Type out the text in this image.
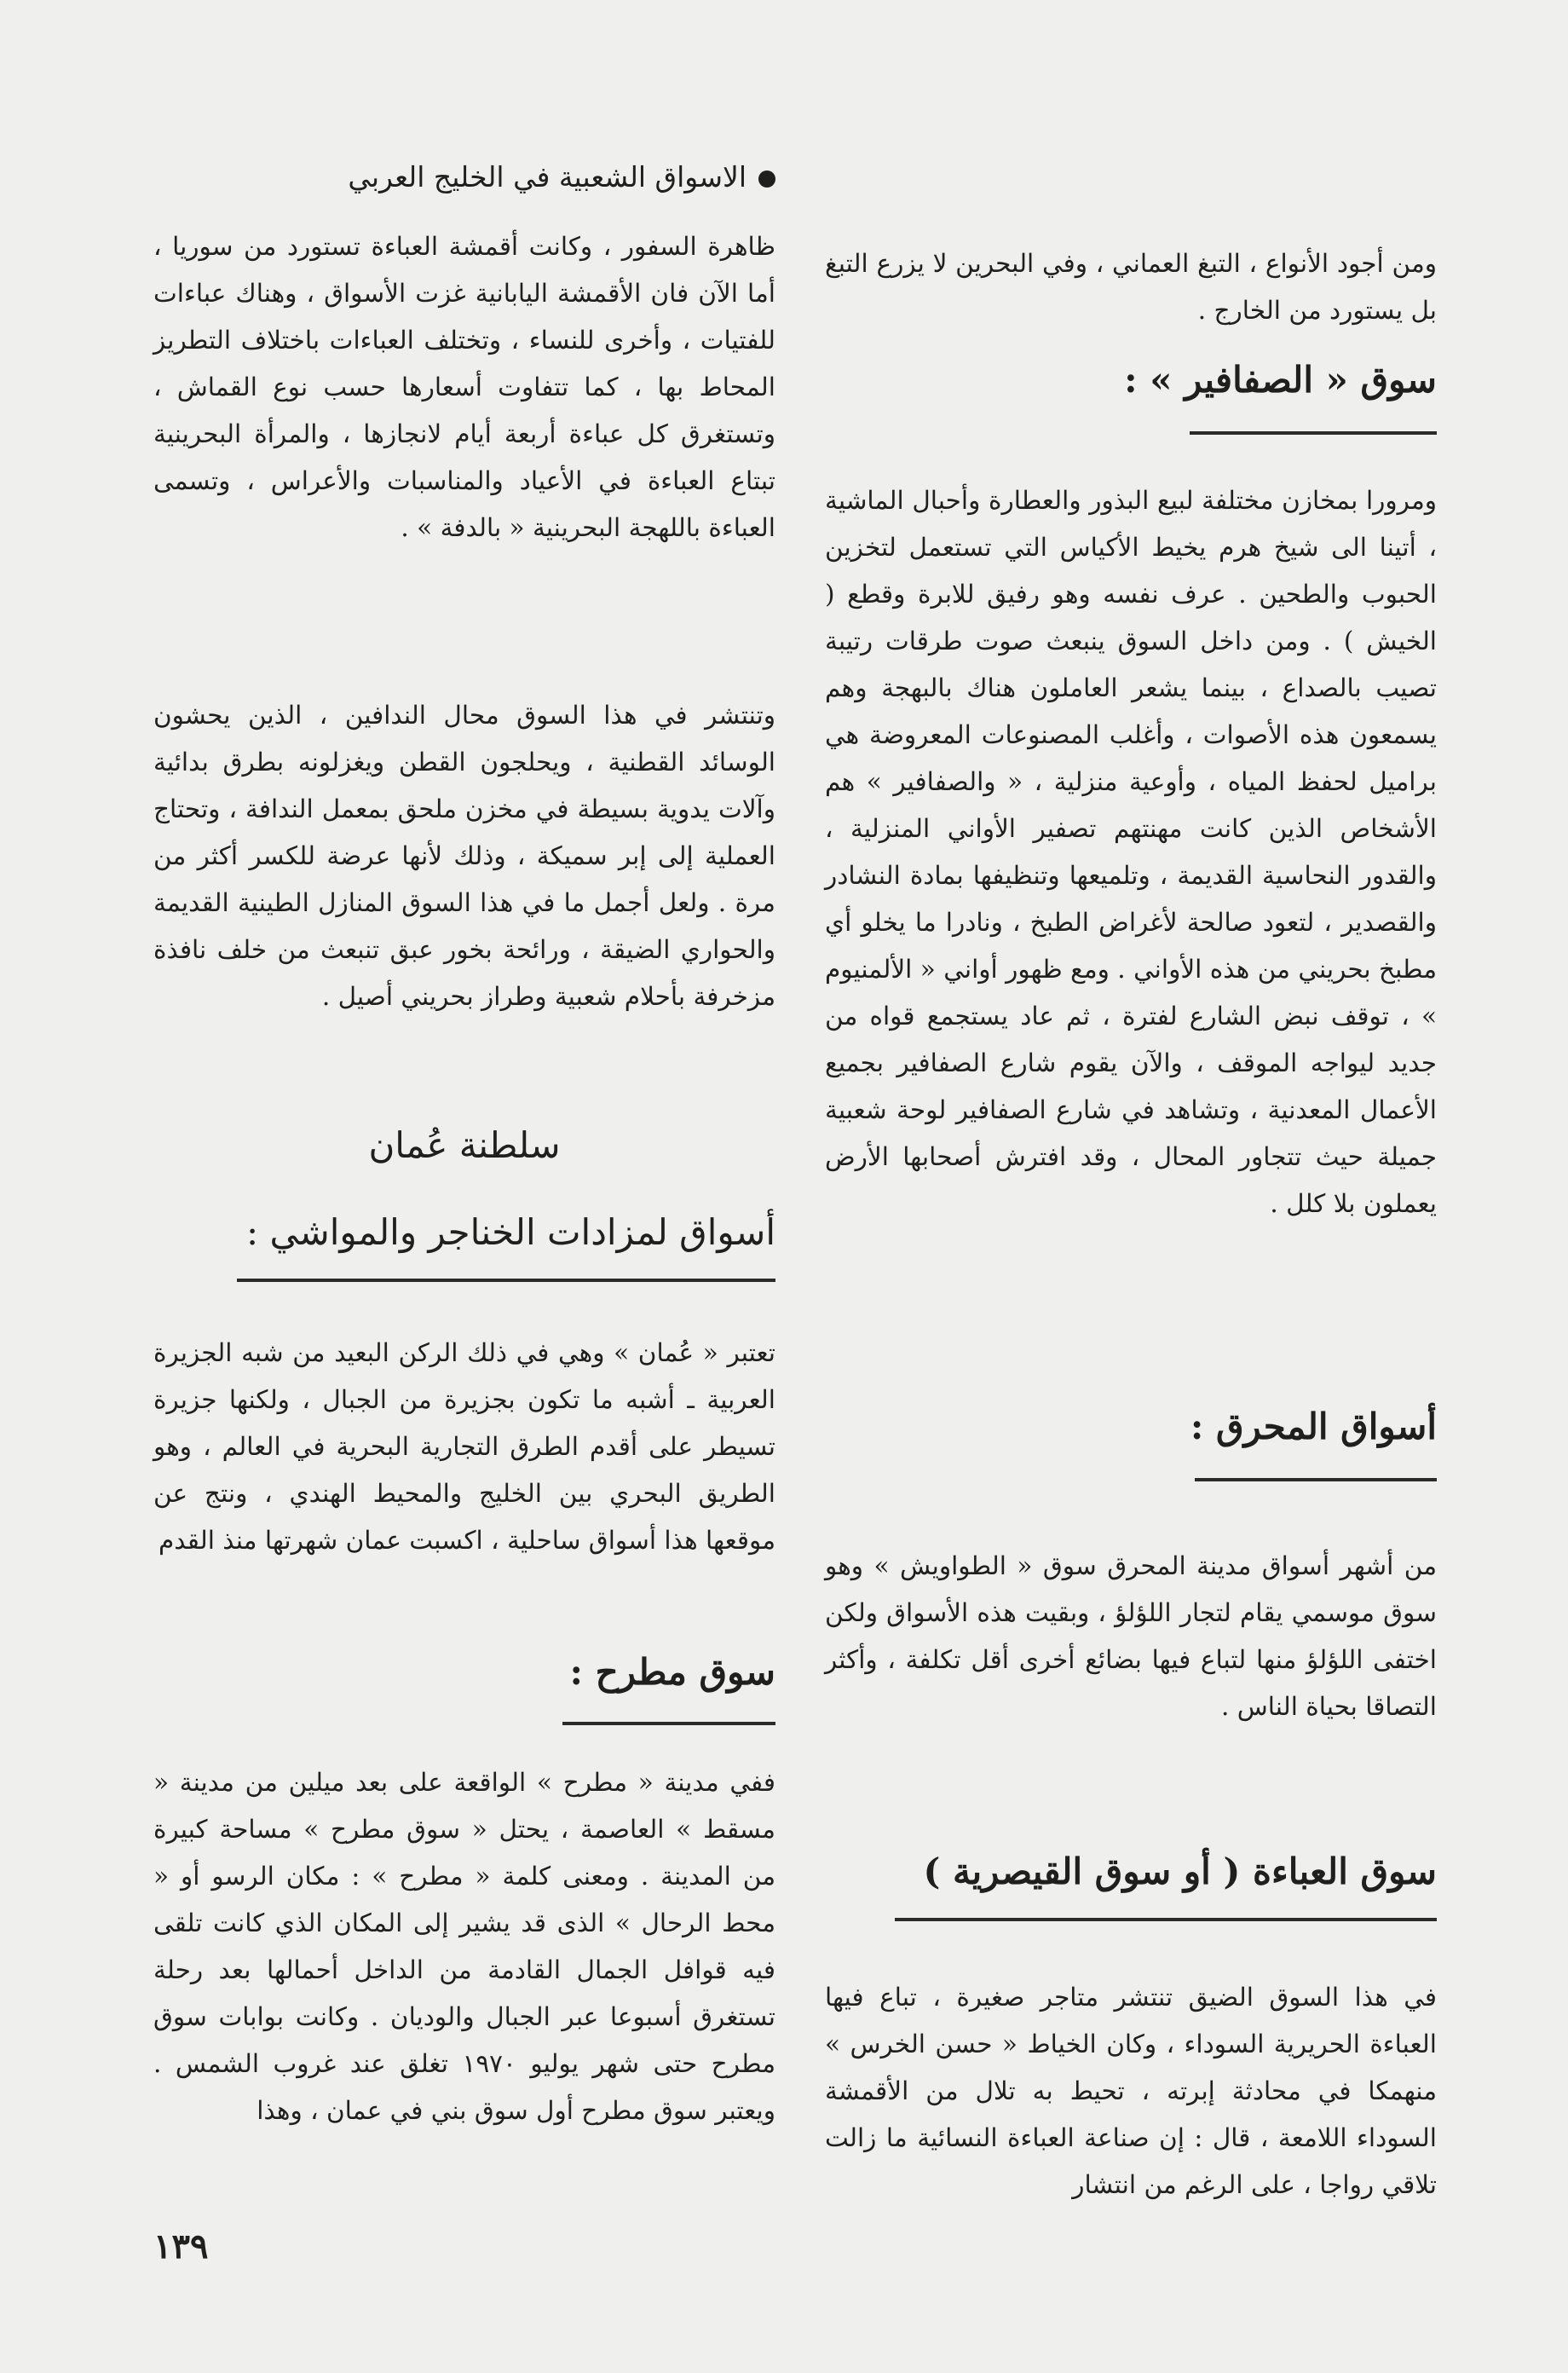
الاسواق الشعبية في الخليج العربي

ومن أجود الأنواع ، التبغ العماني ، وفي البحرين لا يزرع التبغ بل يستورد من الخارج .

سوق « الصفافير » :

ومرورا بمخازن مختلفة لبيع البذور والعطارة وأحبال الماشية ، أتينا الى شيخ هرم يخيط الأكياس التي تستعمل لتخزين الحبوب والطحين . عرف نفسه وهو رفيق للابرة وقطع ( الخيش ) . ومن داخل السوق ينبعث صوت طرقات رتيبة تصيب بالصداع ، بينما يشعر العاملون هناك بالبهجة وهم يسمعون هذه الأصوات ، وأغلب المصنوعات المعروضة هي براميل لحفظ المياه ، وأوعية منزلية ، « والصفافير » هم الأشخاص الذين كانت مهنتهم تصفير الأواني المنزلية ، والقدور النحاسية القديمة ، وتلميعها وتنظيفها بمادة النشادر والقصدير ، لتعود صالحة لأغراض الطبخ ، ونادرا ما يخلو أي مطبخ بحريني من هذه الأواني . ومع ظهور أواني « الألمنيوم » ، توقف نبض الشارع لفترة ، ثم عاد يستجمع قواه من جديد ليواجه الموقف ، والآن يقوم شارع الصفافير بجميع الأعمال المعدنية ، وتشاهد في شارع الصفافير لوحة شعبية جميلة حيث تتجاور المحال ، وقد افترش أصحابها الأرض يعملون بلا كلل .

أسواق المحرق :

من أشهر أسواق مدينة المحرق سوق « الطواويش » وهو سوق موسمي يقام لتجار اللؤلؤ ، وبقيت هذه الأسواق ولكن اختفى اللؤلؤ منها لتباع فيها بضائع أخرى أقل تكلفة ، وأكثر التصاقا بحياة الناس .

سوق العباءة ( أو سوق القيصرية )

في هذا السوق الضيق تنتشر متاجر صغيرة ، تباع فيها العباءة الحريرية السوداء ، وكان الخياط « حسن الخرس » منهمكا في محادثة إبرته ، تحيط به تلال من الأقمشة السوداء اللامعة ، قال : إن صناعة العباءة النسائية ما زالت تلاقي رواجا ، على الرغم من انتشار

ظاهرة السفور ، وكانت أقمشة العباءة تستورد من سوريا ، أما الآن فان الأقمشة اليابانية غزت الأسواق ، وهناك عباءات للفتيات ، وأخرى للنساء ، وتختلف العباءات باختلاف التطريز المحاط بها ، كما تتفاوت أسعارها حسب نوع القماش ، وتستغرق كل عباءة أربعة أيام لانجازها ، والمرأة البحرينية تبتاع العباءة في الأعياد والمناسبات والأعراس ، وتسمى العباءة باللهجة البحرينية « بالدفة » .

وتنتشر في هذا السوق محال الندافين ، الذين يحشون الوسائد القطنية ، ويحلجون القطن ويغزلونه بطرق بدائية وآلات يدوية بسيطة في مخزن ملحق بمعمل الندافة ، وتحتاج العملية إلى إبر سميكة ، وذلك لأنها عرضة للكسر أكثر من مرة . ولعل أجمل ما في هذا السوق المنازل الطينية القديمة والحواري الضيقة ، ورائحة بخور عبق تنبعث من خلف نافذة مزخرفة بأحلام شعبية وطراز بحريني أصيل .

سلطنة عُمان
أسواق لمزادات الخناجر والمواشي :

تعتبر « عُمان » وهي في ذلك الركن البعيد من شبه الجزيرة العربية ـ أشبه ما تكون بجزيرة من الجبال ، ولكنها جزيرة تسيطر على أقدم الطرق التجارية البحرية في العالم ، وهو الطريق البحري بين الخليج والمحيط الهندي ، ونتج عن موقعها هذا أسواق ساحلية ، اكسبت عمان شهرتها منذ القدم

سوق مطرح :

ففي مدينة « مطرح » الواقعة على بعد ميلين من مدينة « مسقط » العاصمة ، يحتل « سوق مطرح » مساحة كبيرة من المدينة . ومعنى كلمة « مطرح » : مكان الرسو أو « محط الرحال » الذى قد يشير إلى المكان الذي كانت تلقى فيه قوافل الجمال القادمة من الداخل أحمالها بعد رحلة تستغرق أسبوعا عبر الجبال والوديان . وكانت بوابات سوق مطرح حتى شهر يوليو ١٩٧٠ تغلق عند غروب الشمس . ويعتبر سوق مطرح أول سوق بني في عمان ، وهذا

١٣٩
